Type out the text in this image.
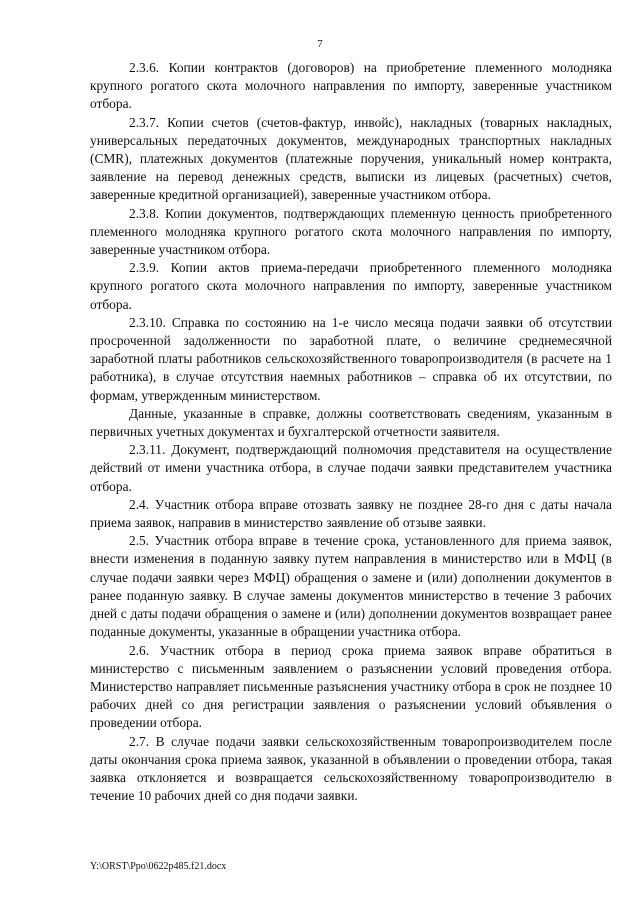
7

2.3.6. Копии контрактов (договоров) на приобретение племенного молодняка крупного рогатого скота молочного направления по импорту, заверенные участником отбора.

2.3.7. Копии счетов (счетов-фактур, инвойс), накладных (товарных накладных, универсальных передаточных документов, международных транспортных накладных (CMR), платежных документов (платежные поручения, уникальный номер контракта, заявление на перевод денежных средств, выписки из лицевых (расчетных) счетов, заверенные кредитной организацией), заверенные участником отбора.

2.3.8. Копии документов, подтверждающих племенную ценность приобретенного племенного молодняка крупного рогатого скота молочного направления по импорту, заверенные участником отбора.

2.3.9. Копии актов приема-передачи приобретенного племенного молодняка крупного рогатого скота молочного направления по импорту, заверенные участником отбора.

2.3.10. Справка по состоянию на 1-е число месяца подачи заявки об отсутствии просроченной задолженности по заработной плате, о величине среднемесячной заработной платы работников сельскохозяйственного товаропроизводителя (в расчете на 1 работника), в случае отсутствия наемных работников – справка об их отсутствии, по формам, утвержденным министерством.

Данные, указанные в справке, должны соответствовать сведениям, указанным в первичных учетных документах и бухгалтерской отчетности заявителя.

2.3.11. Документ, подтверждающий полномочия представителя на осуществление действий от имени участника отбора, в случае подачи заявки представителем участника отбора.

2.4. Участник отбора вправе отозвать заявку не позднее 28-го дня с даты начала приема заявок, направив в министерство заявление об отзыве заявки.

2.5. Участник отбора вправе в течение срока, установленного для приема заявок, внести изменения в поданную заявку путем направления в министерство или в МФЦ (в случае подачи заявки через МФЦ) обращения о замене и (или) дополнении документов в ранее поданную заявку. В случае замены документов министерство в течение 3 рабочих дней с даты подачи обращения о замене и (или) дополнении документов возвращает ранее поданные документы, указанные в обращении участника отбора.

2.6. Участник отбора в период срока приема заявок вправе обратиться в министерство с письменным заявлением о разъяснении условий проведения отбора. Министерство направляет письменные разъяснения участнику отбора в срок не позднее 10 рабочих дней со дня регистрации заявления о разъяснении условий объявления о проведении отбора.

2.7. В случае подачи заявки сельскохозяйственным товаропроизводителем после даты окончания срока приема заявок, указанной в объявлении о проведении отбора, такая заявка отклоняется и возвращается сельскохозяйственному товаропроизводителю в течение 10 рабочих дней со дня подачи заявки.

Y:\ORST\Ppo\0622p485.f21.docx
